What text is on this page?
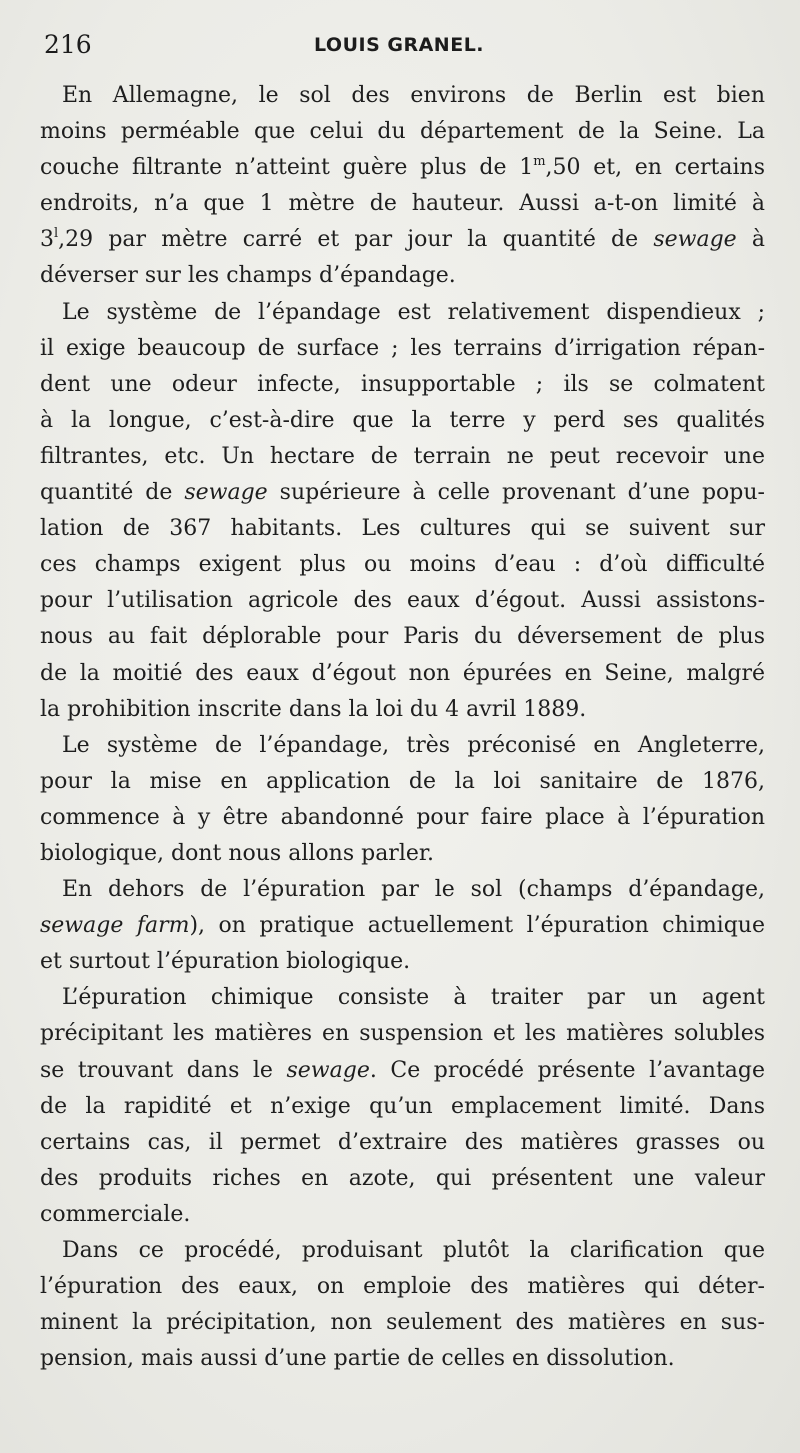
216	LOUIS GRANEL.
En Allemagne, le sol des environs de Berlin est bien
moins perméable que celui du département de la Seine. La
couche filtrante n’atteint guère plus de 1$^m$,50 et, en certains
endroits, n’a que 1 mètre de hauteur. Aussi a-t-on limité à
3$^l$,29 par mètre carré et par jour la quantité de sewage à
déverser sur les champs d’épandage.
Le système de l’épandage est relativement dispendieux ;
il exige beaucoup de surface ; les terrains d’irrigation répan-
dent une odeur infecte, insupportable ; ils se colmatent
à la longue, c’est-à-dire que la terre y perd ses qualités
filtrantes, etc. Un hectare de terrain ne peut recevoir une
quantité de sewage supérieure à celle provenant d’une popu-
lation de 367 habitants. Les cultures qui se suivent sur
ces champs exigent plus ou moins d’eau : d’où difficulté
pour l’utilisation agricole des eaux d’égout. Aussi assistons-
nous au fait déplorable pour Paris du déversement de plus
de la moitié des eaux d’égout non épurées en Seine, malgré
la prohibition inscrite dans la loi du 4 avril 1889.
Le système de l’épandage, très préconisé en Angleterre,
pour la mise en application de la loi sanitaire de 1876,
commence à y être abandonné pour faire place à l’épuration
biologique, dont nous allons parler.
En dehors de l’épuration par le sol (champs d’épandage,
sewage farm), on pratique actuellement l’épuration chimique
et surtout l’épuration biologique.
L’épuration chimique consiste à traiter par un agent
précipitant les matières en suspension et les matières solubles
se trouvant dans le sewage. Ce procédé présente l’avantage
de la rapidité et n’exige qu’un emplacement limité. Dans
certains cas, il permet d’extraire des matières grasses ou
des produits riches en azote, qui présentent une valeur
commerciale.
Dans ce procédé, produisant plutôt la clarification que
l’épuration des eaux, on emploie des matières qui déter-
minent la précipitation, non seulement des matières en sus-
pension, mais aussi d’une partie de celles en dissolution.
